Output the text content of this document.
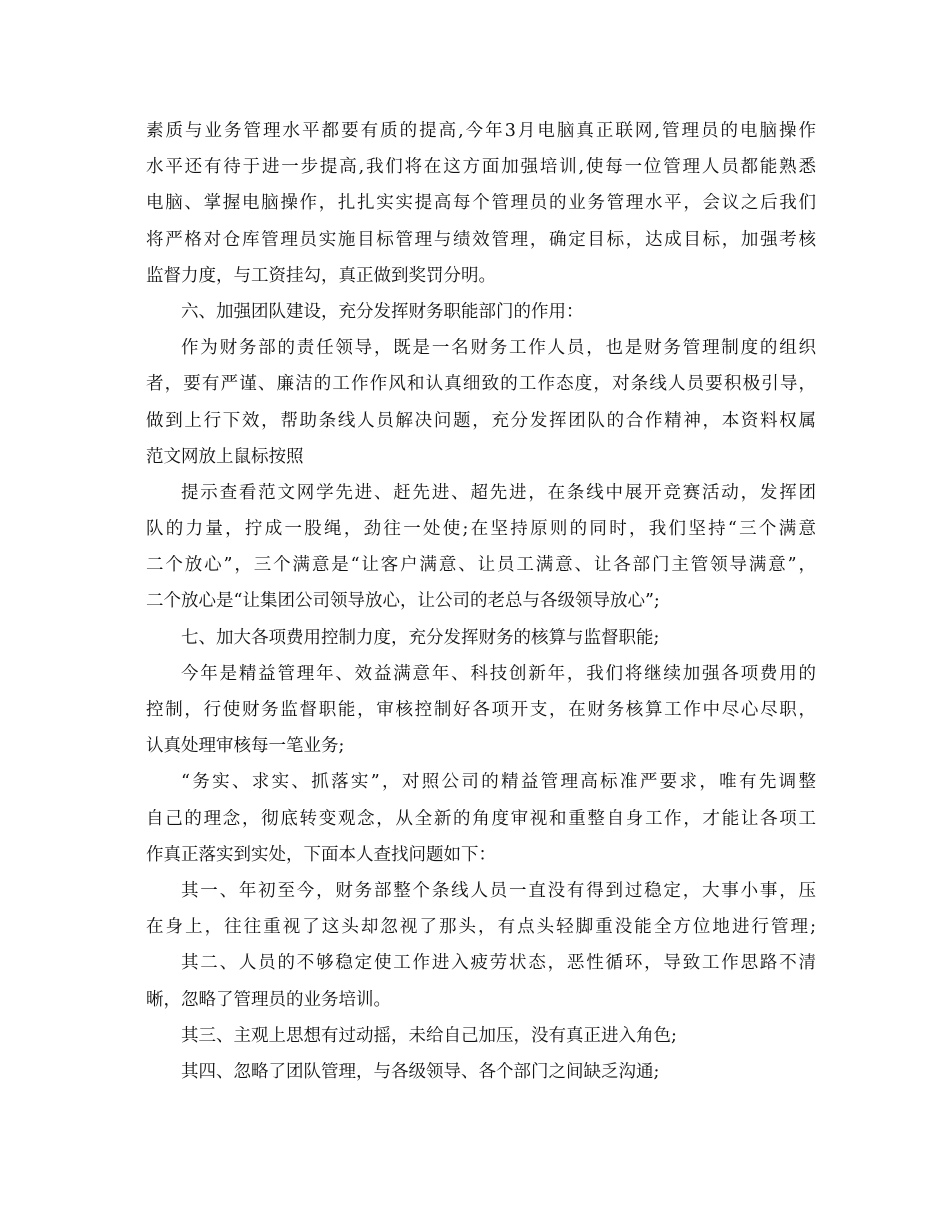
素质与业务管理水平都要有质的提高,今年3月电脑真正联网,管理员的电脑操作
水平还有待于进一步提高,我们将在这方面加强培训,使每一位管理人员都能熟悉
电脑、掌握电脑操作，扎扎实实提高每个管理员的业务管理水平，会议之后我们
将严格对仓库管理员实施目标管理与绩效管理，确定目标，达成目标，加强考核
监督力度，与工资挂勾，真正做到奖罚分明。
六、加强团队建设，充分发挥财务职能部门的作用：
作为财务部的责任领导，既是一名财务工作人员，也是财务管理制度的组织
者，要有严谨、廉洁的工作作风和认真细致的工作态度，对条线人员要积极引导，
做到上行下效，帮助条线人员解决问题，充分发挥团队的合作精神，本资料权属
范文网放上鼠标按照
提示查看范文网学先进、赶先进、超先进，在条线中展开竞赛活动，发挥团
队的力量，拧成一股绳，劲往一处使;在坚持原则的同时，我们坚持“三个满意
二个放心”，三个满意是“让客户满意、让员工满意、让各部门主管领导满意”，
二个放心是“让集团公司领导放心，让公司的老总与各级领导放心”;
七、加大各项费用控制力度，充分发挥财务的核算与监督职能;
今年是精益管理年、效益满意年、科技创新年，我们将继续加强各项费用的
控制，行使财务监督职能，审核控制好各项开支，在财务核算工作中尽心尽职，
认真处理审核每一笔业务;
“务实、求实、抓落实”，对照公司的精益管理高标准严要求，唯有先调整
自己的理念，彻底转变观念，从全新的角度审视和重整自身工作，才能让各项工
作真正落实到实处，下面本人查找问题如下：
其一、年初至今，财务部整个条线人员一直没有得到过稳定，大事小事，压
在身上，往往重视了这头却忽视了那头，有点头轻脚重没能全方位地进行管理;
其二、人员的不够稳定使工作进入疲劳状态，恶性循环，导致工作思路不清
晰，忽略了管理员的业务培训。
其三、主观上思想有过动摇，未给自己加压，没有真正进入角色;
其四、忽略了团队管理，与各级领导、各个部门之间缺乏沟通;
